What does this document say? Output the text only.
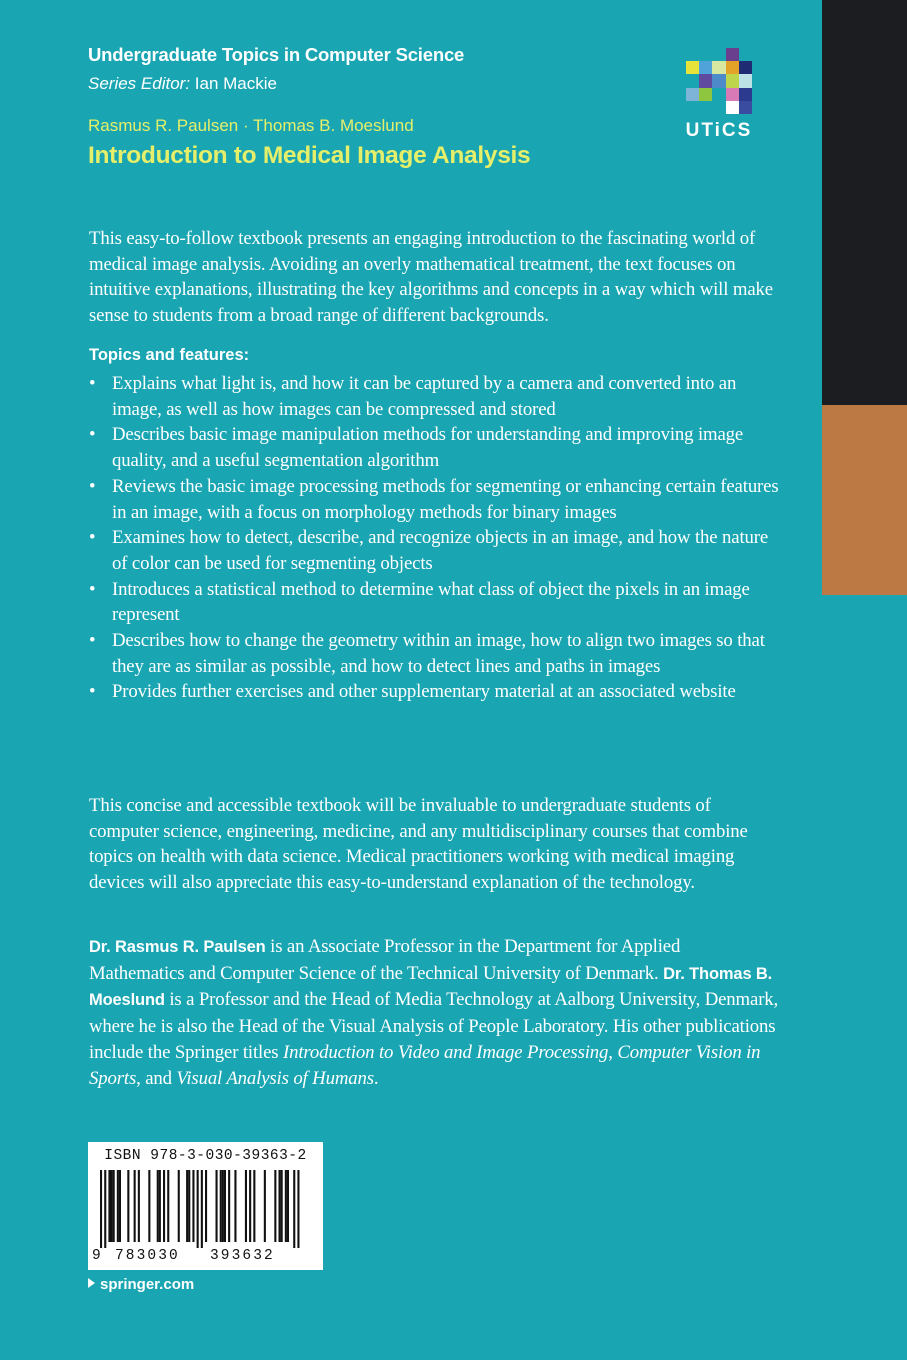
Undergraduate Topics in Computer Science
Series Editor: Ian Mackie
Rasmus R. Paulsen · Thomas B. Moeslund
Introduction to Medical Image Analysis
UTiCS
This easy-to-follow textbook presents an engaging introduction to the fascinating world of medical image analysis. Avoiding an overly mathematical treatment, the text focuses on intuitive explanations, illustrating the key algorithms and concepts in a way which will make sense to students from a broad range of different backgrounds.
Topics and features:
• Explains what light is, and how it can be captured by a camera and converted into an image, as well as how images can be compressed and stored
• Describes basic image manipulation methods for understanding and improving image quality, and a useful segmentation algorithm
• Reviews the basic image processing methods for segmenting or enhancing certain features in an image, with a focus on morphology methods for binary images
• Examines how to detect, describe, and recognize objects in an image, and how the nature of color can be used for segmenting objects
• Introduces a statistical method to determine what class of object the pixels in an image represent
• Describes how to change the geometry within an image, how to align two images so that they are as similar as possible, and how to detect lines and paths in images
• Provides further exercises and other supplementary material at an associated website
This concise and accessible textbook will be invaluable to undergraduate students of computer science, engineering, medicine, and any multidisciplinary courses that combine topics on health with data science. Medical practitioners working with medical imaging devices will also appreciate this easy-to-understand explanation of the technology.
Dr. Rasmus R. Paulsen is an Associate Professor in the Department for Applied Mathematics and Computer Science of the Technical University of Denmark. Dr. Thomas B. Moeslund is a Professor and the Head of Media Technology at Aalborg University, Denmark, where he is also the Head of the Visual Analysis of People Laboratory. His other publications include the Springer titles Introduction to Video and Image Processing, Computer Vision in Sports, and Visual Analysis of Humans.
ISBN 978-3-030-39363-2
9 783030 393632
springer.com
